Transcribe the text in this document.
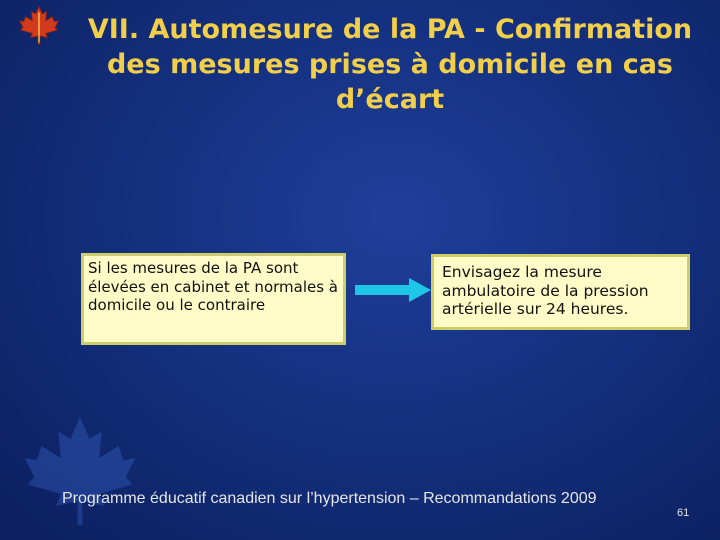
VII. Automesure de la PA - Confirmation des mesures prises à domicile en cas d’écart
Si les mesures de la PA sont élevées en cabinet et normales à domicile ou le contraire
Envisagez la mesure ambulatoire de la pression artérielle sur 24 heures.
Programme éducatif canadien sur l’hypertension – Recommandations 2009
61
